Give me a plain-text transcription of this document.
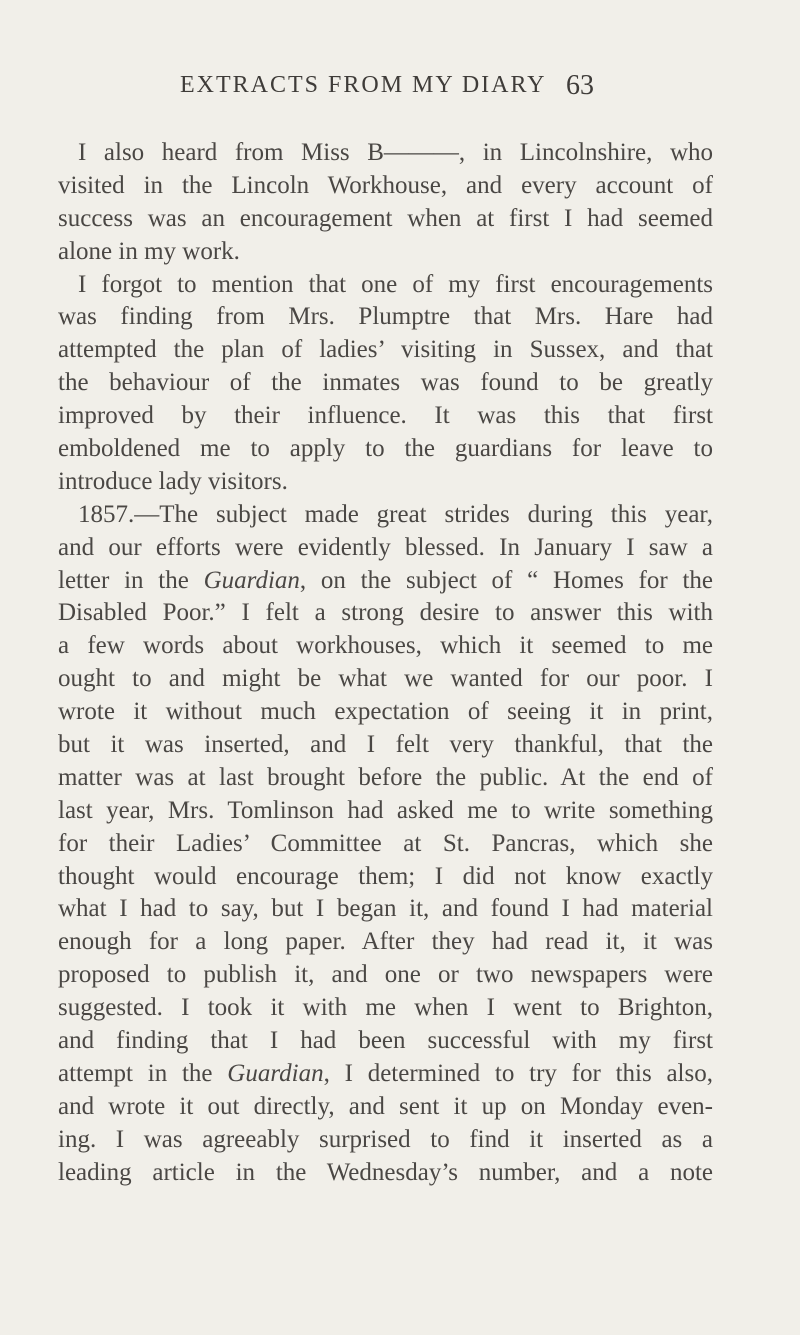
EXTRACTS FROM MY DIARY 63
I also heard from Miss B———, in Lincolnshire, who
visited in the Lincoln Workhouse, and every account of
success was an encouragement when at first I had seemed
alone in my work.
I forgot to mention that one of my first encouragements
was finding from Mrs. Plumptre that Mrs. Hare had
attempted the plan of ladies’ visiting in Sussex, and that
the behaviour of the inmates was found to be greatly
improved by their influence. It was this that first
emboldened me to apply to the guardians for leave to
introduce lady visitors.
1857.—The subject made great strides during this year,
and our efforts were evidently blessed. In January I saw a
letter in the Guardian, on the subject of “ Homes for the
Disabled Poor.” I felt a strong desire to answer this with
a few words about workhouses, which it seemed to me
ought to and might be what we wanted for our poor. I
wrote it without much expectation of seeing it in print,
but it was inserted, and I felt very thankful, that the
matter was at last brought before the public. At the end of
last year, Mrs. Tomlinson had asked me to write something
for their Ladies’ Committee at St. Pancras, which she
thought would encourage them; I did not know exactly
what I had to say, but I began it, and found I had material
enough for a long paper. After they had read it, it was
proposed to publish it, and one or two newspapers were
suggested. I took it with me when I went to Brighton,
and finding that I had been successful with my first
attempt in the Guardian, I determined to try for this also,
and wrote it out directly, and sent it up on Monday even-
ing. I was agreeably surprised to find it inserted as a
leading article in the Wednesday’s number, and a note
